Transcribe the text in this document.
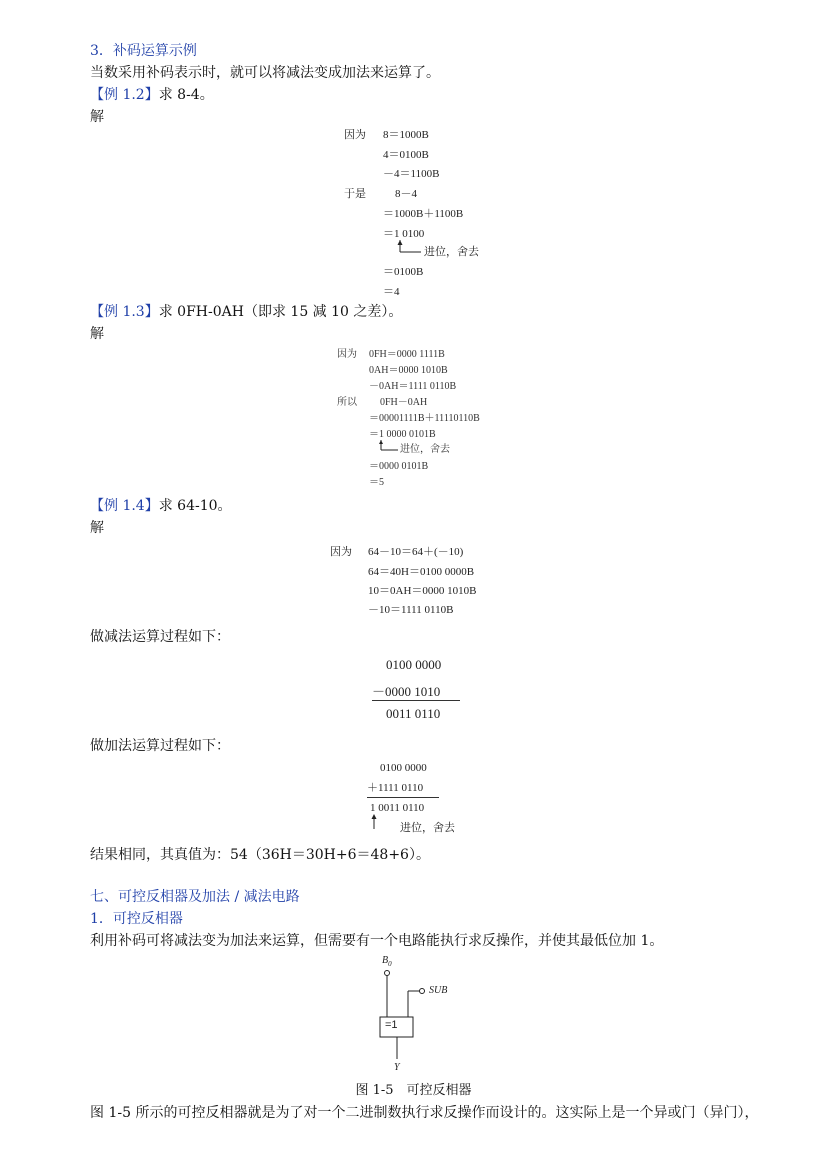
3．补码运算示例
当数采用补码表示时，就可以将减法变成加法来运算了。
【例 1.2】求 8-4。
解
因为 8＝1000B
4＝0100B
－4＝1100B
于是	8－4
＝1000B＋1100B
＝1 0100
进位，舍去
＝0100B
＝4
【例 1.3】求 0FH-0AH（即求 15 减 10 之差）。
解
因为 0FH＝0000 1111B
0AH＝0000 1010B
－0AH＝1111 0110B
所以 0FH－0AH
＝00001111B＋11110110B
＝1 0000 0101B
进位，舍去
＝0000 0101B
＝5
【例 1.4】求 64-10。
解
因为 64－10＝64＋(－10)
64＝40H＝0100 0000B
10＝0AH＝0000 1010B
－10＝1111 0110B
做减法运算过程如下：
0100 0000
－0000 1010
0011 0110
做加法运算过程如下：
0100 0000
＋1111 0110
1 0011 0110
进位，舍去
结果相同，其真值为：54（36H＝30H+6＝48+6）。
七、可控反相器及加法 / 减法电路
1．可控反相器
利用补码可将减法变为加法来运算，但需要有一个电路能执行求反操作，并使其最低位加 1。
$B_0$
SUB
=1
Y
图 1-5　可控反相器
图 1-5 所示的可控反相器就是为了对一个二进制数执行求反操作而设计的。这实际上是一个异或门（异门），
